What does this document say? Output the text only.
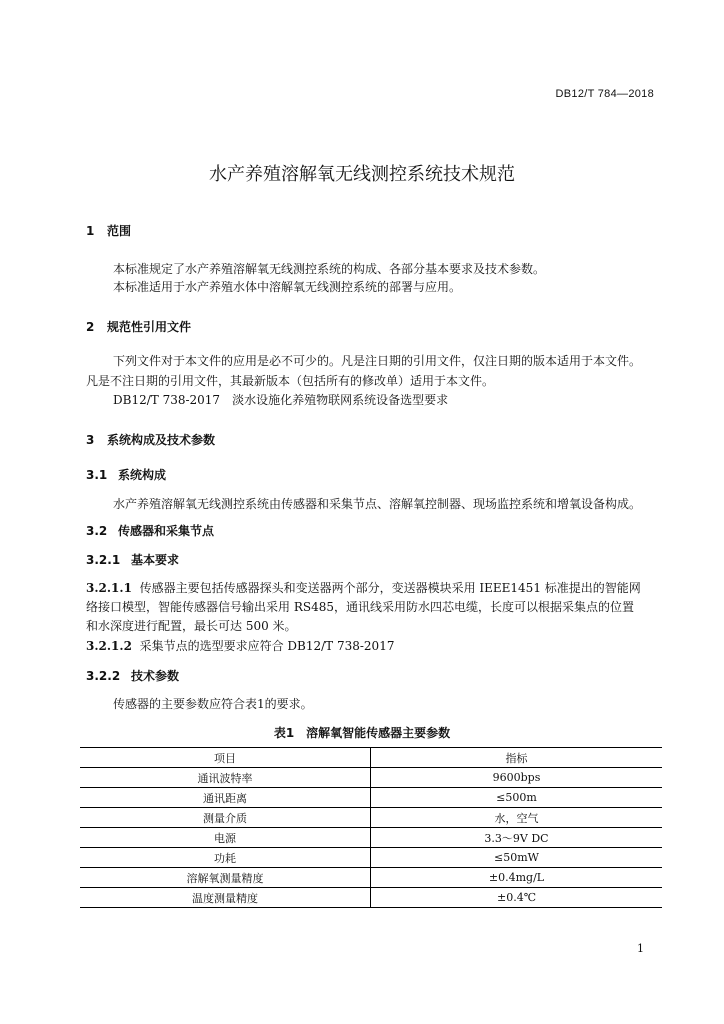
DB12/T 784—2018
水产养殖溶解氧无线测控系统技术规范
1 范围
本标准规定了水产养殖溶解氧无线测控系统的构成、各部分基本要求及技术参数。
本标准适用于水产养殖水体中溶解氧无线测控系统的部署与应用。
2 规范性引用文件
下列文件对于本文件的应用是必不可少的。凡是注日期的引用文件，仅注日期的版本适用于本文件。
凡是不注日期的引用文件，其最新版本（包括所有的修改单）适用于本文件。
DB12/T 738-2017　淡水设施化养殖物联网系统设备选型要求
3 系统构成及技术参数
3.1 系统构成
水产养殖溶解氧无线测控系统由传感器和采集节点、溶解氧控制器、现场监控系统和增氧设备构成。
3.2 传感器和采集节点
3.2.1 基本要求
3.2.1.1 传感器主要包括传感器探头和变送器两个部分，变送器模块采用 IEEE1451 标准提出的智能网
络接口模型，智能传感器信号输出采用 RS485，通讯线采用防水四芯电缆，长度可以根据采集点的位置
和水深度进行配置，最长可达 500 米。
3.2.1.2 采集节点的选型要求应符合 DB12/T 738-2017
3.2.2 技术参数
传感器的主要参数应符合表1的要求。
表1　溶解氧智能传感器主要参数
项目	指标
通讯波特率	9600bps
通讯距离	≤500m
测量介质	水，空气
电源	3.3～9V DC
功耗	≤50mW
溶解氧测量精度	±0.4mg/L
温度测量精度	±0.4℃
1
